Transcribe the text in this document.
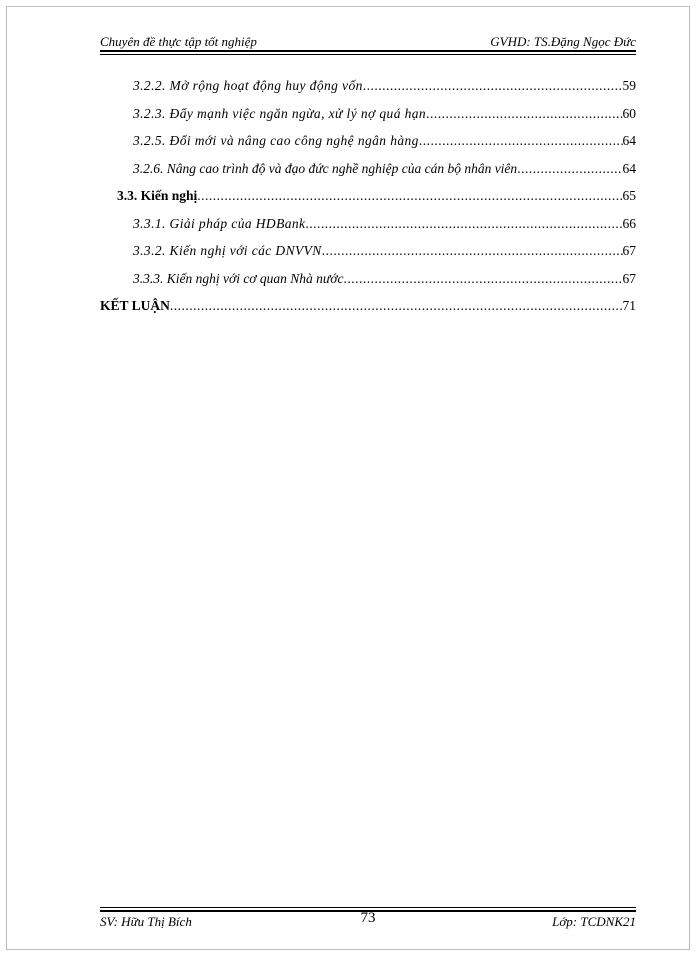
Chuyên đề thực tập tốt nghiệp	GVHD: TS.Đặng Ngọc Đức
3.2.2. Mở rộng hoạt động huy động vốn .....	59
3.2.3. Đẩy mạnh việc ngăn ngừa, xử lý nợ quá hạn .....	60
3.2.5. Đổi mới và nâng cao công nghệ ngân hàng .....	64
3.2.6. Nâng cao trình độ và đạo đức nghề nghiệp của cán bộ nhân viên .....	64
3.3. Kiến nghị .....	65
3.3.1. Giải pháp của HDBank .....	66
3.3.2. Kiến nghị với các DNVVN .....	67
3.3.3. Kiến nghị với cơ quan Nhà nước .....	67
KẾT LUẬN .....	71
SV: Hữu Thị Bích	73	Lớp: TCDNK21
